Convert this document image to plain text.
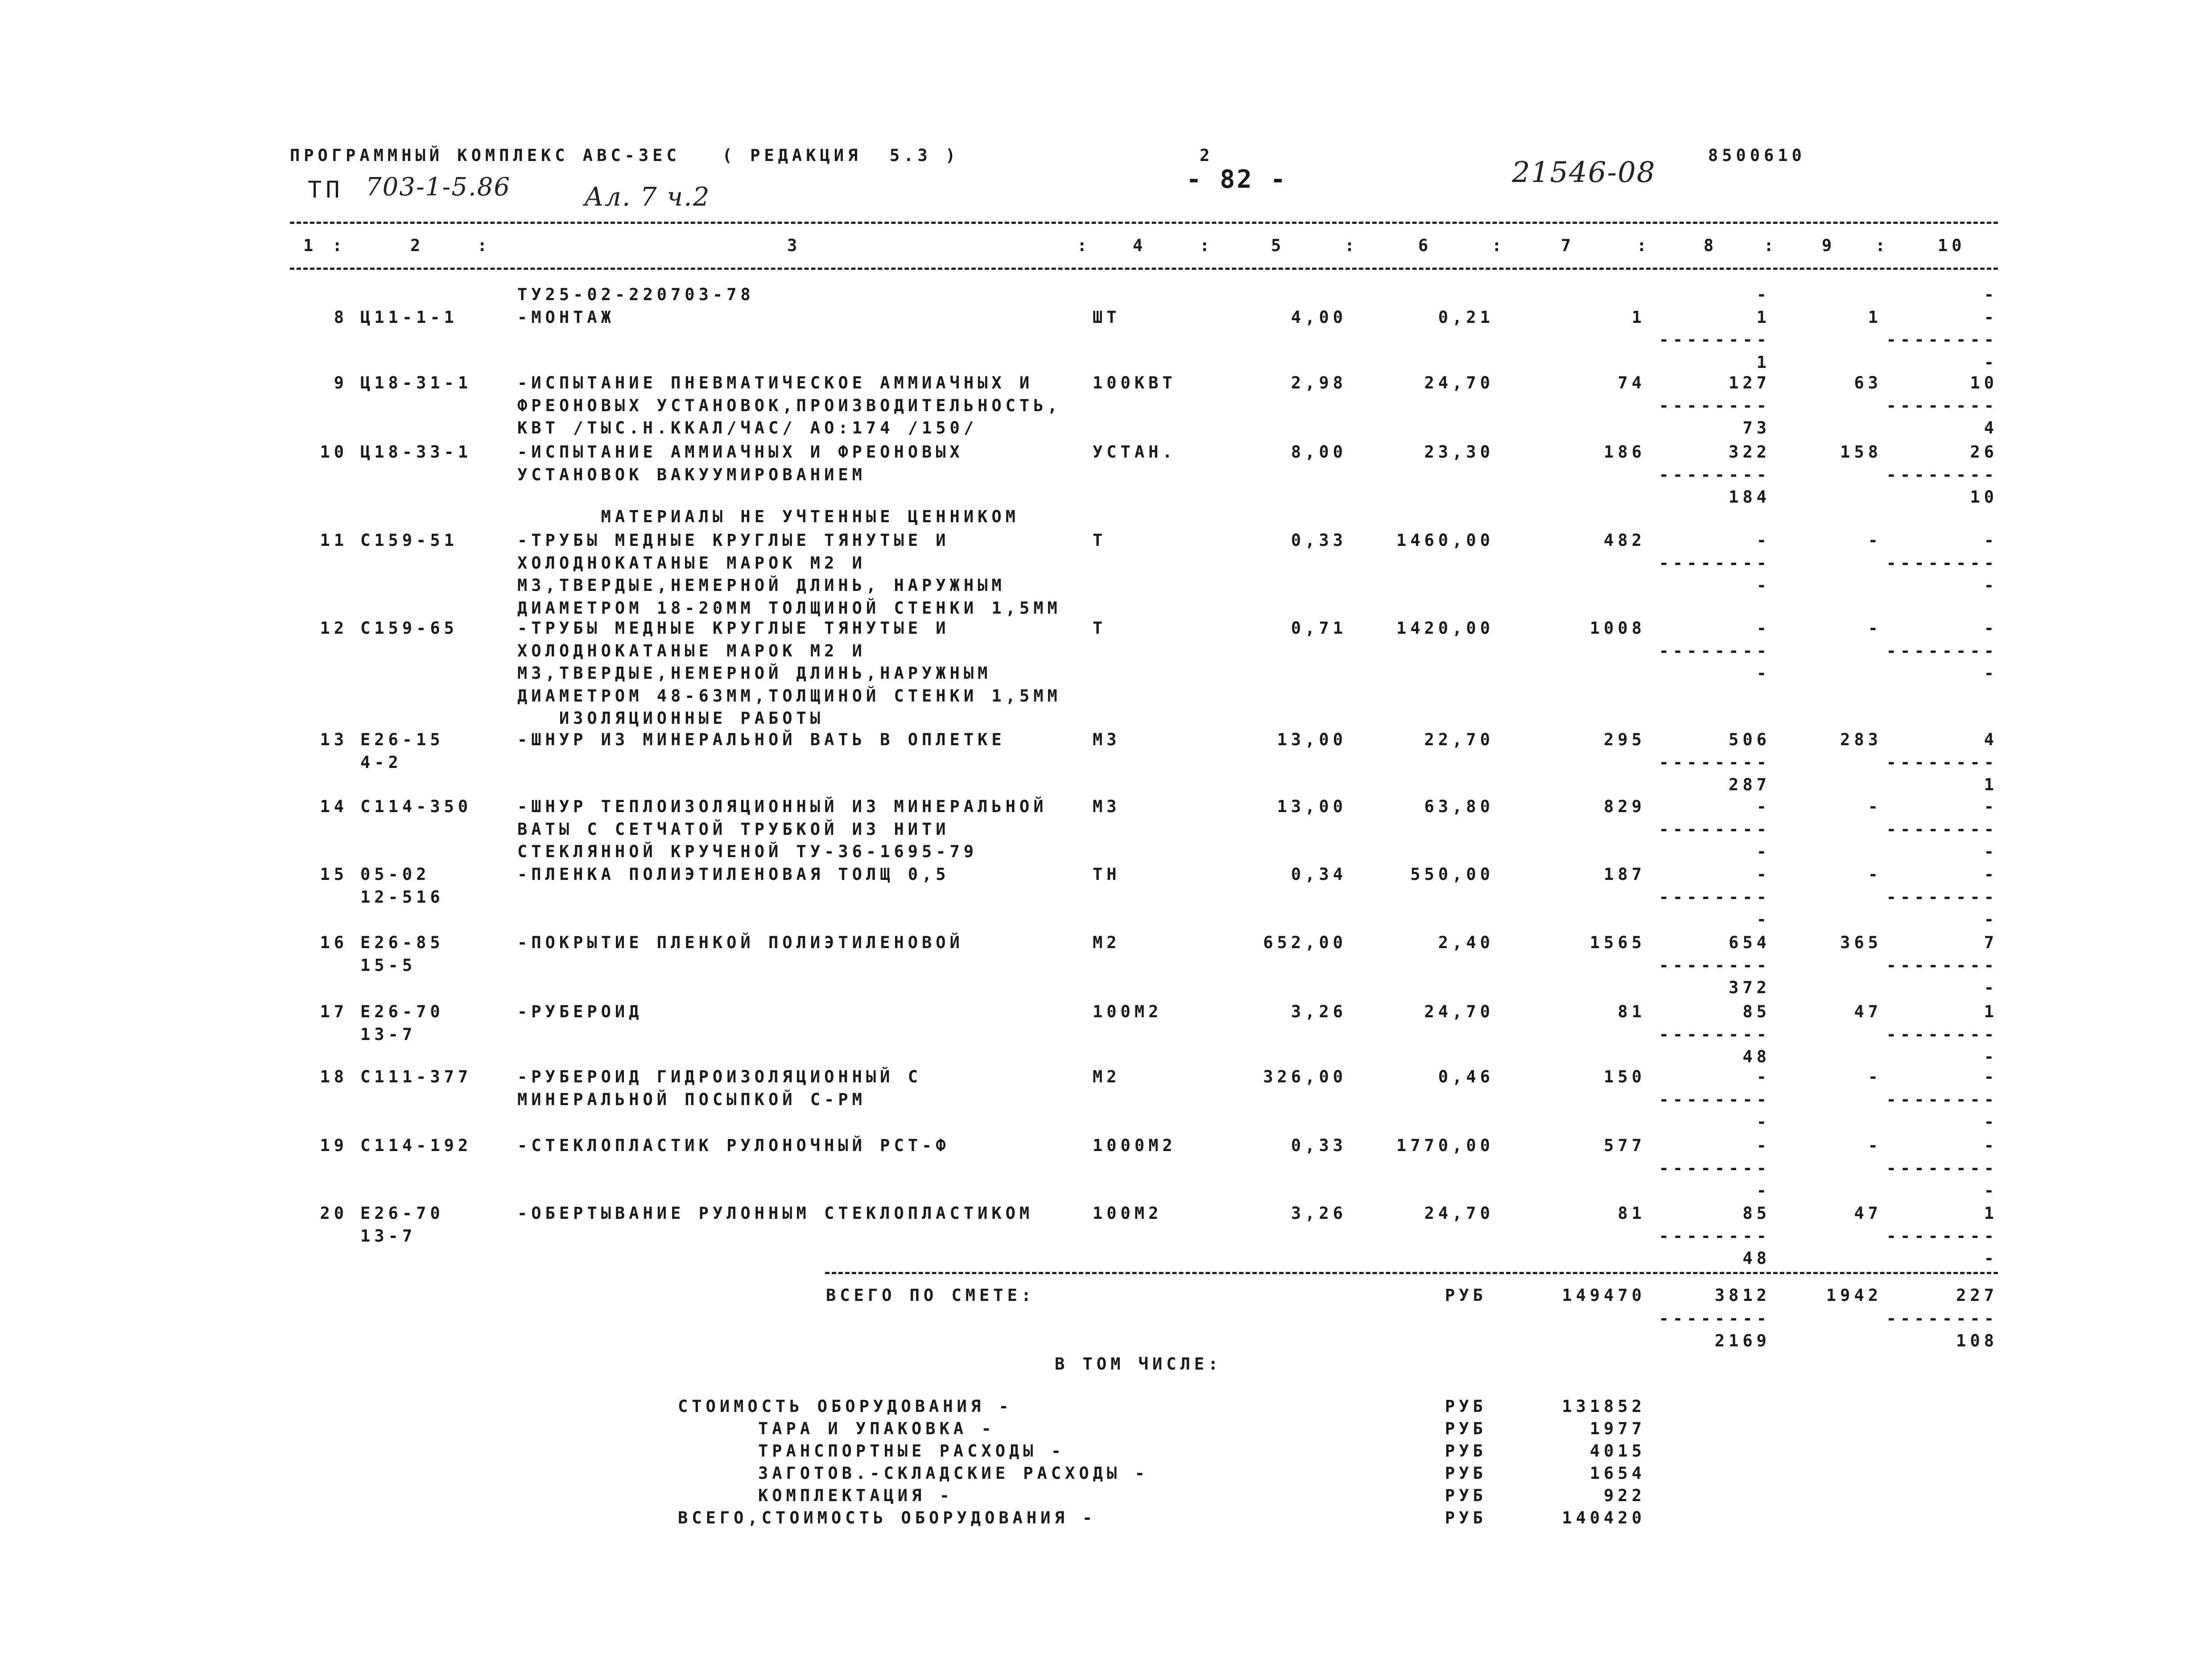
ПРОГРАММНЫЙ КОМПЛЕКС АВС-ЗЕС   ( РЕДАКЦИЯ  5.3 )	2
- 82 -
8500610
ТП 703-1-5.86	Ал. 7 ч.2
21546-08
1 :	2	:	3	:	4	:	5	:	6	:	7	:	8	:	9 :	10
ТУ25-02-220703-78	-	-
8 Ц11-1-1	-МОНТАЖ	ШТ	4,00	0,21	1	1	1	-
--------	--------
1	-
9 Ц18-31-1	-ИСПЫТАНИЕ ПНЕВМАТИЧЕСКОЕ АММИАЧНЫХ И	100КВТ	2,98	24,70	74	127	63	10
ФРЕОНОВЫХ УСТАНОВОК,ПРОИЗВОДИТЕЛЬНОСТЬ,	--------	--------
КВТ /ТЫС.Н.ККАЛ/ЧАС/ АО:174 /150/	73	4
10 Ц18-33-1	-ИСПЫТАНИЕ АММИАЧНЫХ И ФРЕОНОВЫХ	УСТАН.	8,00	23,30	186	322	158	26
УСТАНОВОК ВАКУУМИРОВАНИЕМ	--------	--------
184	10
МАТЕРИАЛЫ НЕ УЧТЕННЫЕ ЦЕННИКОМ
11 С159-51	-ТРУБЫ МЕДНЫЕ КРУГЛЫЕ ТЯНУТЫЕ И	Т	0,33	1460,00	482	-	-	-
ХОЛОДНОКАТАНЫЕ МАРОК М2 И	--------	--------
М3,ТВЕРДЫЕ,НЕМЕРНОЙ ДЛИНЬ, НАРУЖНЫМ	-	-
ДИАМЕТРОМ 18-20ММ ТОЛЩИНОЙ СТЕНКИ 1,5ММ
12 С159-65	-ТРУБЫ МЕДНЫЕ КРУГЛЫЕ ТЯНУТЫЕ И	Т	0,71	1420,00	1008	-	-	-
ХОЛОДНОКАТАНЫЕ МАРОК М2 И	--------	--------
М3,ТВЕРДЫЕ,НЕМЕРНОЙ ДЛИНЬ,НАРУЖНЫМ	-	-
ДИАМЕТРОМ 48-63ММ,ТОЛЩИНОЙ СТЕНКИ 1,5ММ
ИЗОЛЯЦИОННЫЕ РАБОТЫ
13 Е26-15	-ШНУР ИЗ МИНЕРАЛЬНОЙ ВАТЬ В ОПЛЕТКЕ	М3	13,00	22,70	295	506	283	4
4-2	--------	--------
287	1
14 С114-350	-ШНУР ТЕПЛОИЗОЛЯЦИОННЫЙ ИЗ МИНЕРАЛЬНОЙ	М3	13,00	63,80	829	-	-	-
ВАТЫ С СЕТЧАТОЙ ТРУБКОЙ ИЗ НИТИ	--------	--------
СТЕКЛЯННОЙ КРУЧЕНОЙ ТУ-36-1695-79	-	-
15 05-02	-ПЛЕНКА ПОЛИЭТИЛЕНОВАЯ ТОЛЩ 0,5	ТН	0,34	550,00	187	-	-	-
12-516	--------	--------
-	-
16 Е26-85	-ПОКРЫТИЕ ПЛЕНКОЙ ПОЛИЭТИЛЕНОВОЙ	М2	652,00	2,40	1565	654	365	7
15-5	--------	--------
372	-
17 Е26-70	-РУБЕРОИД	100М2	3,26	24,70	81	85	47	1
13-7	--------	--------
48	-
18 С111-377	-РУБЕРОИД ГИДРОИЗОЛЯЦИОННЫЙ С	М2	326,00	0,46	150	-	-	-
МИНЕРАЛЬНОЙ ПОСЫПКОЙ С-РМ	--------	--------
-	-
19 С114-192	-СТЕКЛОПЛАСТИК РУЛОНОЧНЫЙ РСТ-Ф	1000М2	0,33	1770,00	577	-	-	-
--------	--------
-	-
20 Е26-70	-ОБЕРТЫВАНИЕ РУЛОННЫМ СТЕКЛОПЛАСТИКОМ	100М2	3,26	24,70	81	85	47	1
13-7	--------	--------
48	-
ВСЕГО ПО СМЕТЕ:	РУБ	149470	3812	1942	227
--------	--------
2169	108
В ТОМ ЧИСЛЕ:
СТОИМОСТЬ ОБОРУДОВАНИЯ -	РУБ	131852
ТАРА И УПАКОВКА -	РУБ	1977
ТРАНСПОРТНЫЕ РАСХОДЫ -	РУБ	4015
ЗАГОТОВ.-СКЛАДСКИЕ РАСХОДЫ -	РУБ	1654
КОМПЛЕКТАЦИЯ -	РУБ	922
ВСЕГО,СТОИМОСТЬ ОБОРУДОВАНИЯ -	РУБ	140420
